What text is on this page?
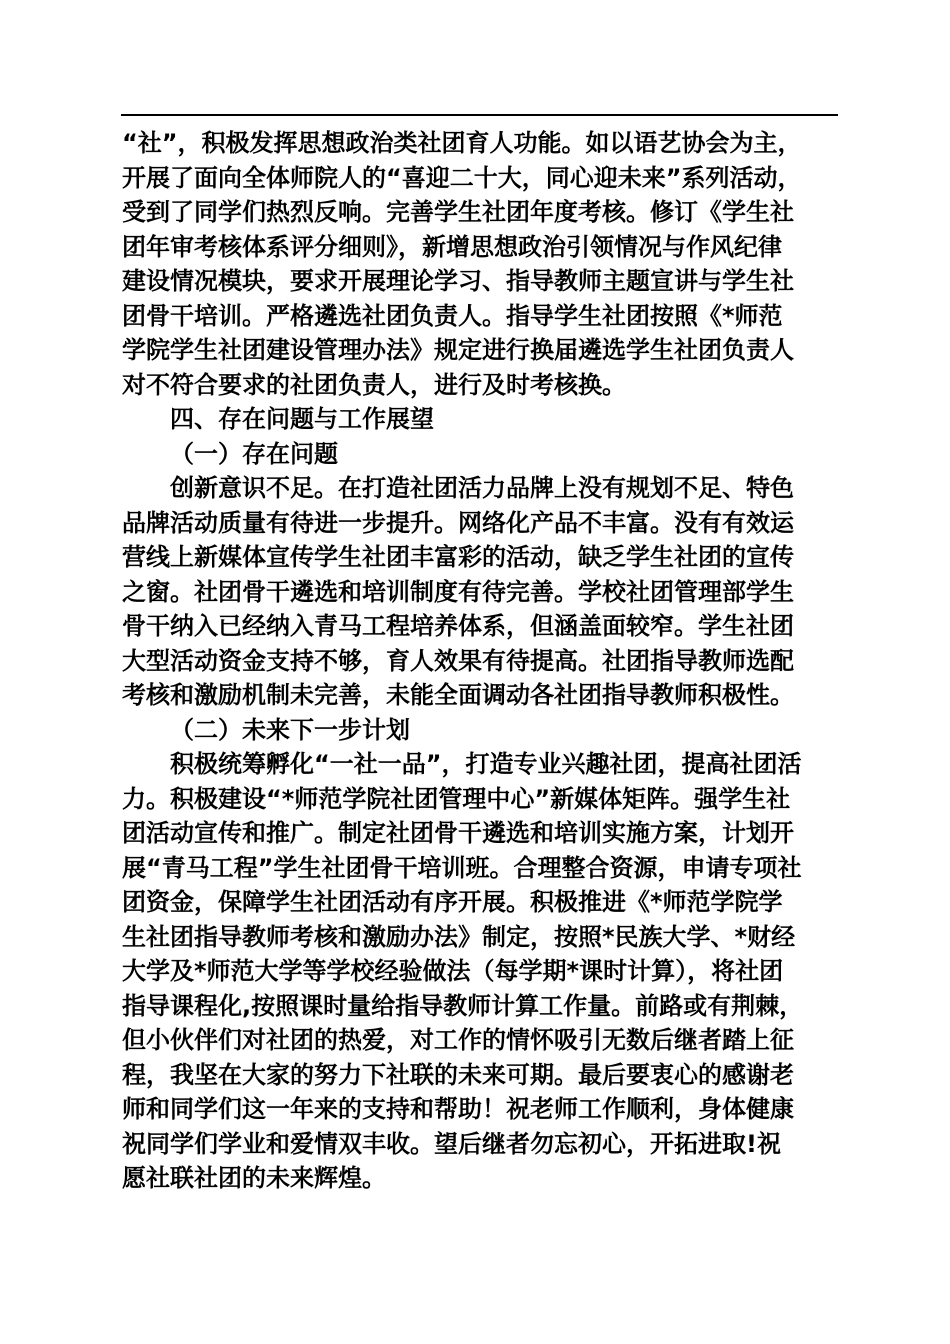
“社”，积极发挥思想政治类社团育人功能。如以语艺协会为主，
开展了面向全体师院人的“喜迎二十大，同心迎未来”系列活动，
受到了同学们热烈反响。完善学生社团年度考核。修订《学生社
团年审考核体系评分细则》，新增思想政治引领情况与作风纪律
建设情况模块，要求开展理论学习、指导教师主题宣讲与学生社
团骨干培训。严格遴选社团负责人。指导学生社团按照《*师范
学院学生社团建设管理办法》规定进行换届遴选学生社团负责人
对不符合要求的社团负责人，进行及时考核换。
四、存在问题与工作展望
（一）存在问题
创新意识不足。在打造社团活力品牌上没有规划不足、特色
品牌活动质量有待进一步提升。网络化产品不丰富。没有有效运
营线上新媒体宣传学生社团丰富彩的活动，缺乏学生社团的宣传
之窗。社团骨干遴选和培训制度有待完善。学校社团管理部学生
骨干纳入已经纳入青马工程培养体系，但涵盖面较窄。学生社团
大型活动资金支持不够，育人效果有待提高。社团指导教师选配
考核和激励机制未完善，未能全面调动各社团指导教师积极性。
（二）未来下一步计划
积极统筹孵化“一社一品”，打造专业兴趣社团，提高社团活
力。积极建设“*师范学院社团管理中心”新媒体矩阵。强学生社
团活动宣传和推广。制定社团骨干遴选和培训实施方案，计划开
展“青马工程”学生社团骨干培训班。合理整合资源，申请专项社
团资金，保障学生社团活动有序开展。积极推进《*师范学院学
生社团指导教师考核和激励办法》制定，按照*民族大学、*财经
大学及*师范大学等学校经验做法（每学期*课时计算），将社团
指导课程化,按照课时量给指导教师计算工作量。前路或有荆棘，
但小伙伴们对社团的热爱，对工作的情怀吸引无数后继者踏上征
程，我坚在大家的努力下社联的未来可期。最后要衷心的感谢老
师和同学们这一年来的支持和帮助！祝老师工作顺利，身体健康
祝同学们学业和爱情双丰收。望后继者勿忘初心，开拓进取!祝
愿社联社团的未来辉煌。
